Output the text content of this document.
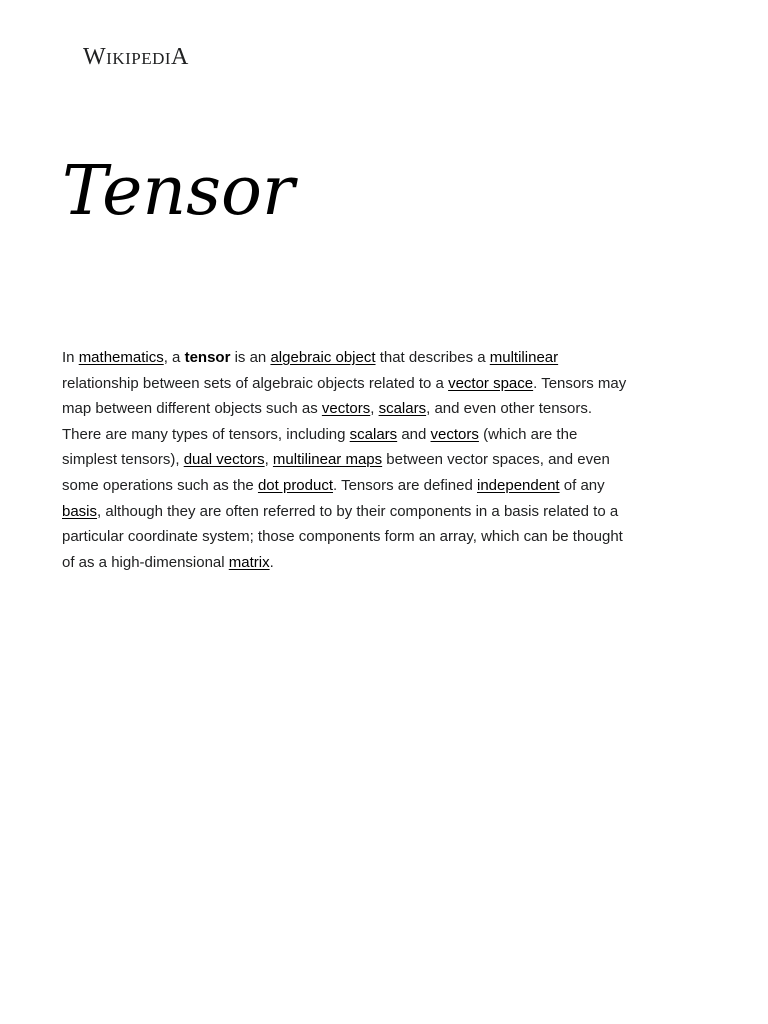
WIKIPEDIA
Tensor

In mathematics, a tensor is an algebraic object that describes a multilinear relationship between sets of algebraic objects related to a vector space. Tensors may map between different objects such as vectors, scalars, and even other tensors. There are many types of tensors, including scalars and vectors (which are the simplest tensors), dual vectors, multilinear maps between vector spaces, and even some operations such as the dot product. Tensors are defined independent of any basis, although they are often referred to by their components in a basis related to a particular coordinate system; those components form an array, which can be thought of as a high-dimensional matrix.
